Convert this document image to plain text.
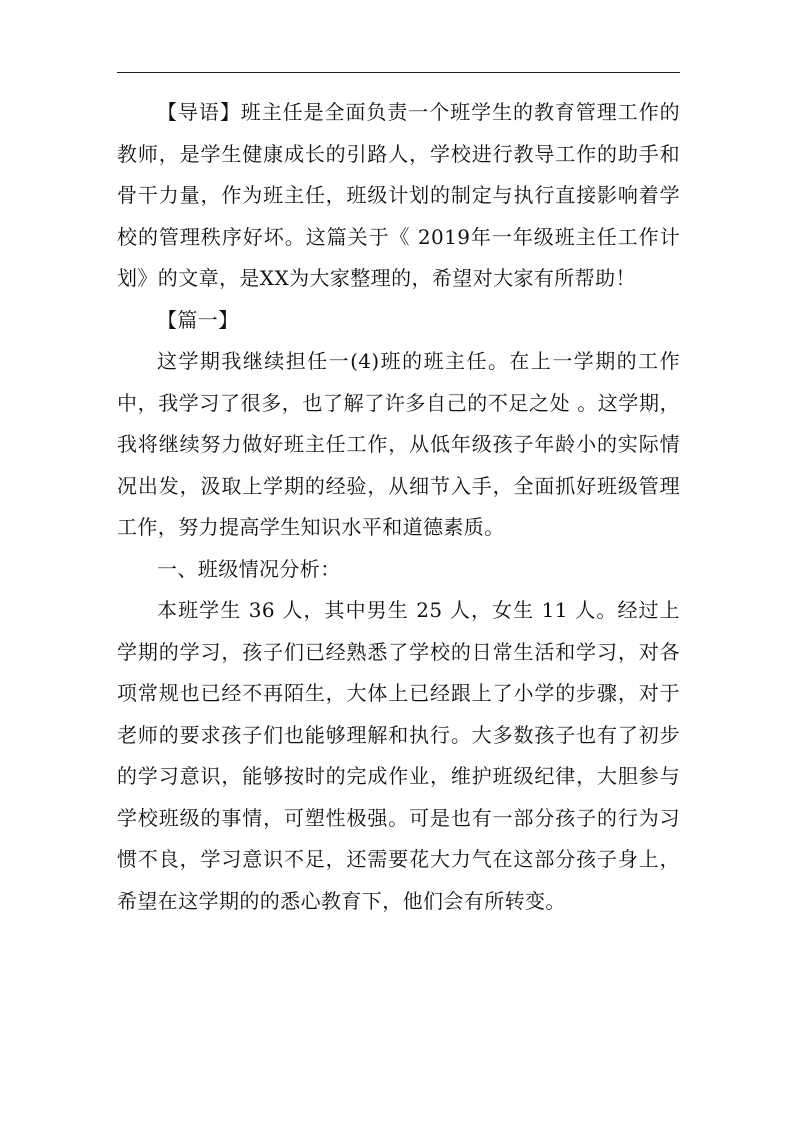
【导语】班主任是全面负责一个班学生的教育管理工作的教师，是学生健康成长的引路人，学校进行教导工作的助手和骨干力量，作为班主任，班级计划的制定与执行直接影响着学校的管理秩序好坏。这篇关于《 2019年一年级班主任工作计划》的文章，是XX为大家整理的，希望对大家有所帮助！

【篇一】

这学期我继续担任一(4)班的班主任。在上一学期的工作中，我学习了很多，也了解了许多自己的不足之处 。这学期，我将继续努力做好班主任工作，从低年级孩子年龄小的实际情况出发，汲取上学期的经验，从细节入手，全面抓好班级管理工作，努力提高学生知识水平和道德素质。

一、班级情况分析：

本班学生 36 人，其中男生 25 人，女生 11 人。经过上学期的学习，孩子们已经熟悉了学校的日常生活和学习，对各项常规也已经不再陌生，大体上已经跟上了小学的步骤，对于老师的要求孩子们也能够理解和执行。大多数孩子也有了初步的学习意识，能够按时的完成作业，维护班级纪律，大胆参与学校班级的事情，可塑性极强。可是也有一部分孩子的行为习惯不良，学习意识不足，还需要花大力气在这部分孩子身上，希望在这学期的的悉心教育下，他们会有所转变。
